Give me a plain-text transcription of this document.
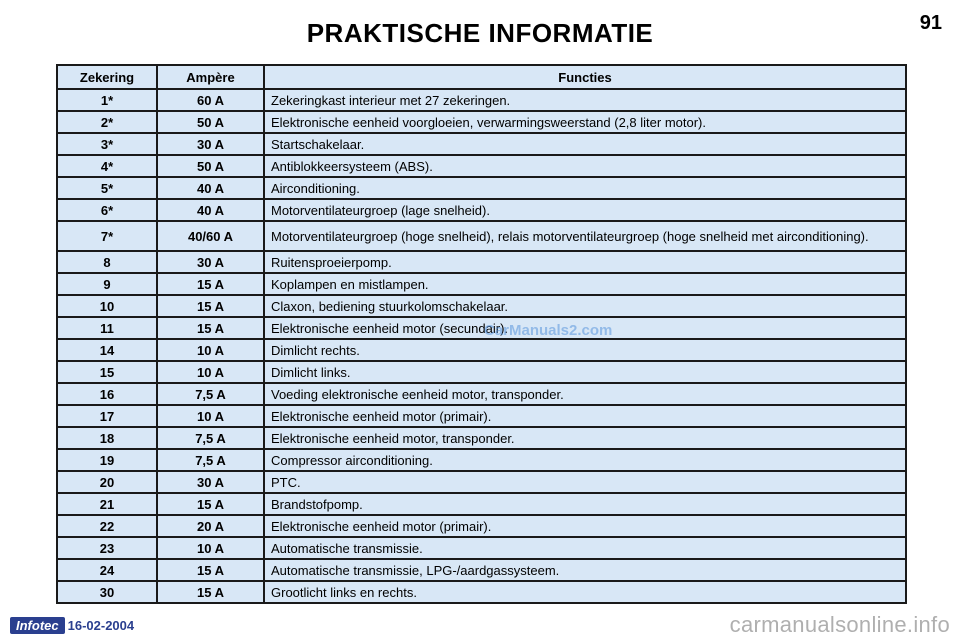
PRAKTISCHE INFORMATIE	91
Zekering	Ampère	Functies
1*	60 A	Zekeringkast interieur met 27 zekeringen.
2*	50 A	Elektronische eenheid voorgloeien, verwarmingsweerstand (2,8 liter motor).
3*	30 A	Startschakelaar.
4*	50 A	Antiblokkeersysteem (ABS).
5*	40 A	Airconditioning.
6*	40 A	Motorventilateurgroep (lage snelheid).
7*	40/60 A	Motorventilateurgroep (hoge snelheid), relais motorventilateurgroep (hoge snelheid met airconditioning).
8	30 A	Ruitensproeierpomp.
9	15 A	Koplampen en mistlampen.
10	15 A	Claxon, bediening stuurkolomschakelaar.
11	15 A	Elektronische eenheid motor (secundair).
14	10 A	Dimlicht rechts.
15	10 A	Dimlicht links.
16	7,5 A	Voeding elektronische eenheid motor, transponder.
17	10 A	Elektronische eenheid motor (primair).
18	7,5 A	Elektronische eenheid motor, transponder.
19	7,5 A	Compressor airconditioning.
20	30 A	PTC.
21	15 A	Brandstofpomp.
22	20 A	Elektronische eenheid motor (primair).
23	10 A	Automatische transmissie.
24	15 A	Automatische transmissie, LPG-/aardgassysteem.
30	15 A	Grootlicht links en rechts.
CarManuals2.com
Infotec 16-02-2004	carmanualsonline.info
